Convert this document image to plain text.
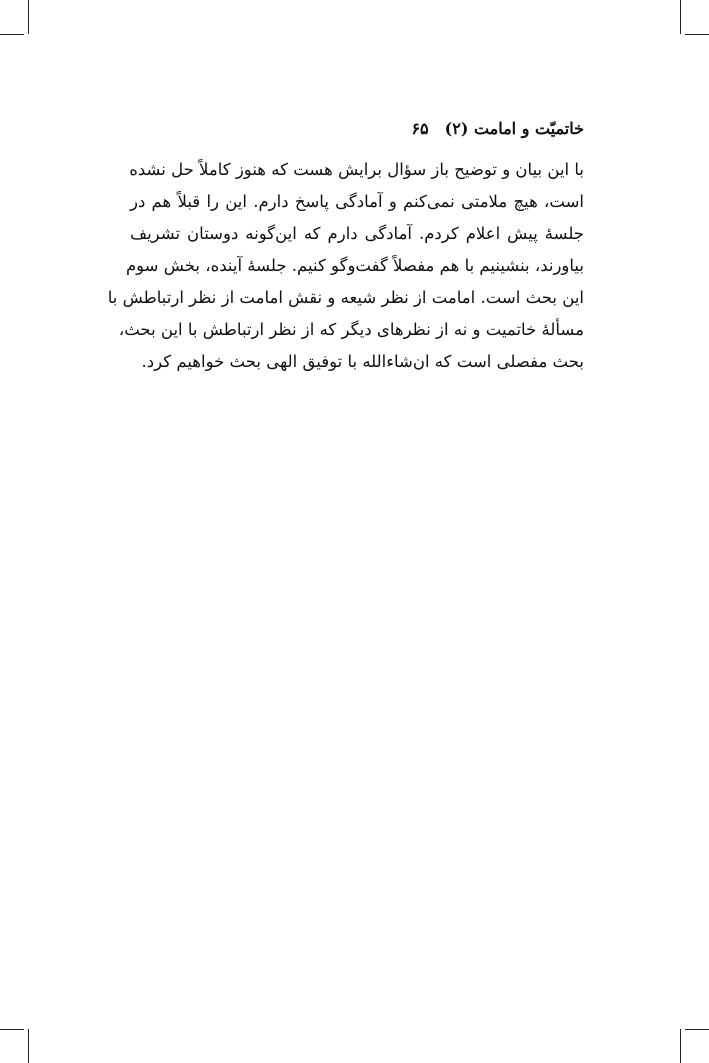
خاتمیّت و امامت (۲)
۶۵
با این بیان و توضیح باز سؤال برایش هست که هنوز کاملاً حل نشده
است، هیچ ملامتی نمی‌کنم و آمادگی پاسخ دارم. این را قبلاً هم در
جلسهٔ پیش اعلام کردم. آمادگی دارم که این‌گونه دوستان تشریف
بیاورند، بنشینیم با هم مفصلاً گفت‌وگو کنیم. جلسهٔ آینده، بخش سوم
این بحث است. امامت از نظر شیعه و نقش امامت از نظر ارتباطش با
مسألهٔ خاتمیت و نه از نظرهای دیگر که از نظر ارتباطش با این بحث،
بحث مفصلی است که ان‌شاءالله با توفیق الهی بحث خواهیم کرد.
